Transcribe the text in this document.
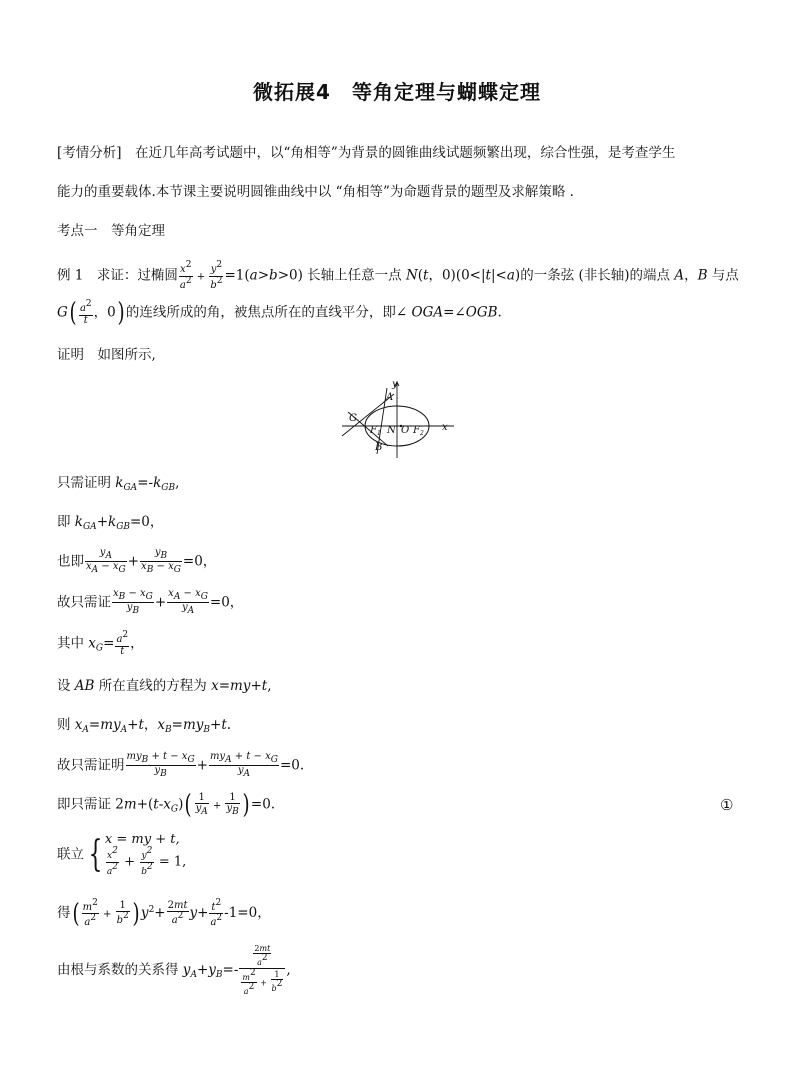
微拓展4　等角定理与蝴蝶定理
[考情分析]　在近几年高考试题中，以“角相等”为背景的圆锥曲线试题频繁出现，综合性强，是考查学生
能力的重要载体.本节课主要说明圆锥曲线中以 “角相等”为命题背景的题型及求解策略 .
考点一　等角定理
例 1　求证：过椭圆 $\frac{x^2}{a^2} + \frac{y^2}{b^2} =1(a>b>0)$ 长轴上任意一点 N(t，0)(0<|t|<a)的一条弦 (非长轴)的端点 A，B 与点
$G( \frac{a^2}{t}$ ，0) 的连线所成的角，被焦点所在的直线平分，即∠ OGA=∠OGB.
证明　如图所示,
y
x
A
B
G
$F_1$ N O $F_2$
只需证明 $k_{GA}=-k_{GB}$,
即 $k_{GA}+k_{GB}=0$，
也即 $\frac{y_A}{x_A - x_G} + \frac{y_B}{x_B - x_G} =0$，
故只需证 $\frac{x_B - x_G}{y_B} + \frac{x_A - x_G}{y_A} =0$，
其中 $x_G= \frac{a^2}{t}$ ，
设 AB 所在直线的方程为 x=my+t,
则 $x_A=my_A+t$，$x_B=my_B+t$.
故只需证明 $\frac{my_B + t - x_G}{y_B} + \frac{my_A + t - x_G}{y_A} =0$.
即只需证 $2m+(t-x_G)( \frac{1}{y_A} + \frac{1}{y_B}$ ) =0.	①
联立 { x = my + t,
$\frac{x^2}{a^2} + \frac{y^2}{b^2} = 1$,
得( $\frac{m^2}{a^2} + \frac{1}{b^2}$ ) $y^2+ \frac{2mt}{a^2} y+ \frac{t^2}{a^2} -1=0$，
由根与系数的关系得 $y_A+y_B=- \frac{\frac{2mt}{a^2}}{\frac{m^2}{a^2} + \frac{1}{b^2}}$ ,
